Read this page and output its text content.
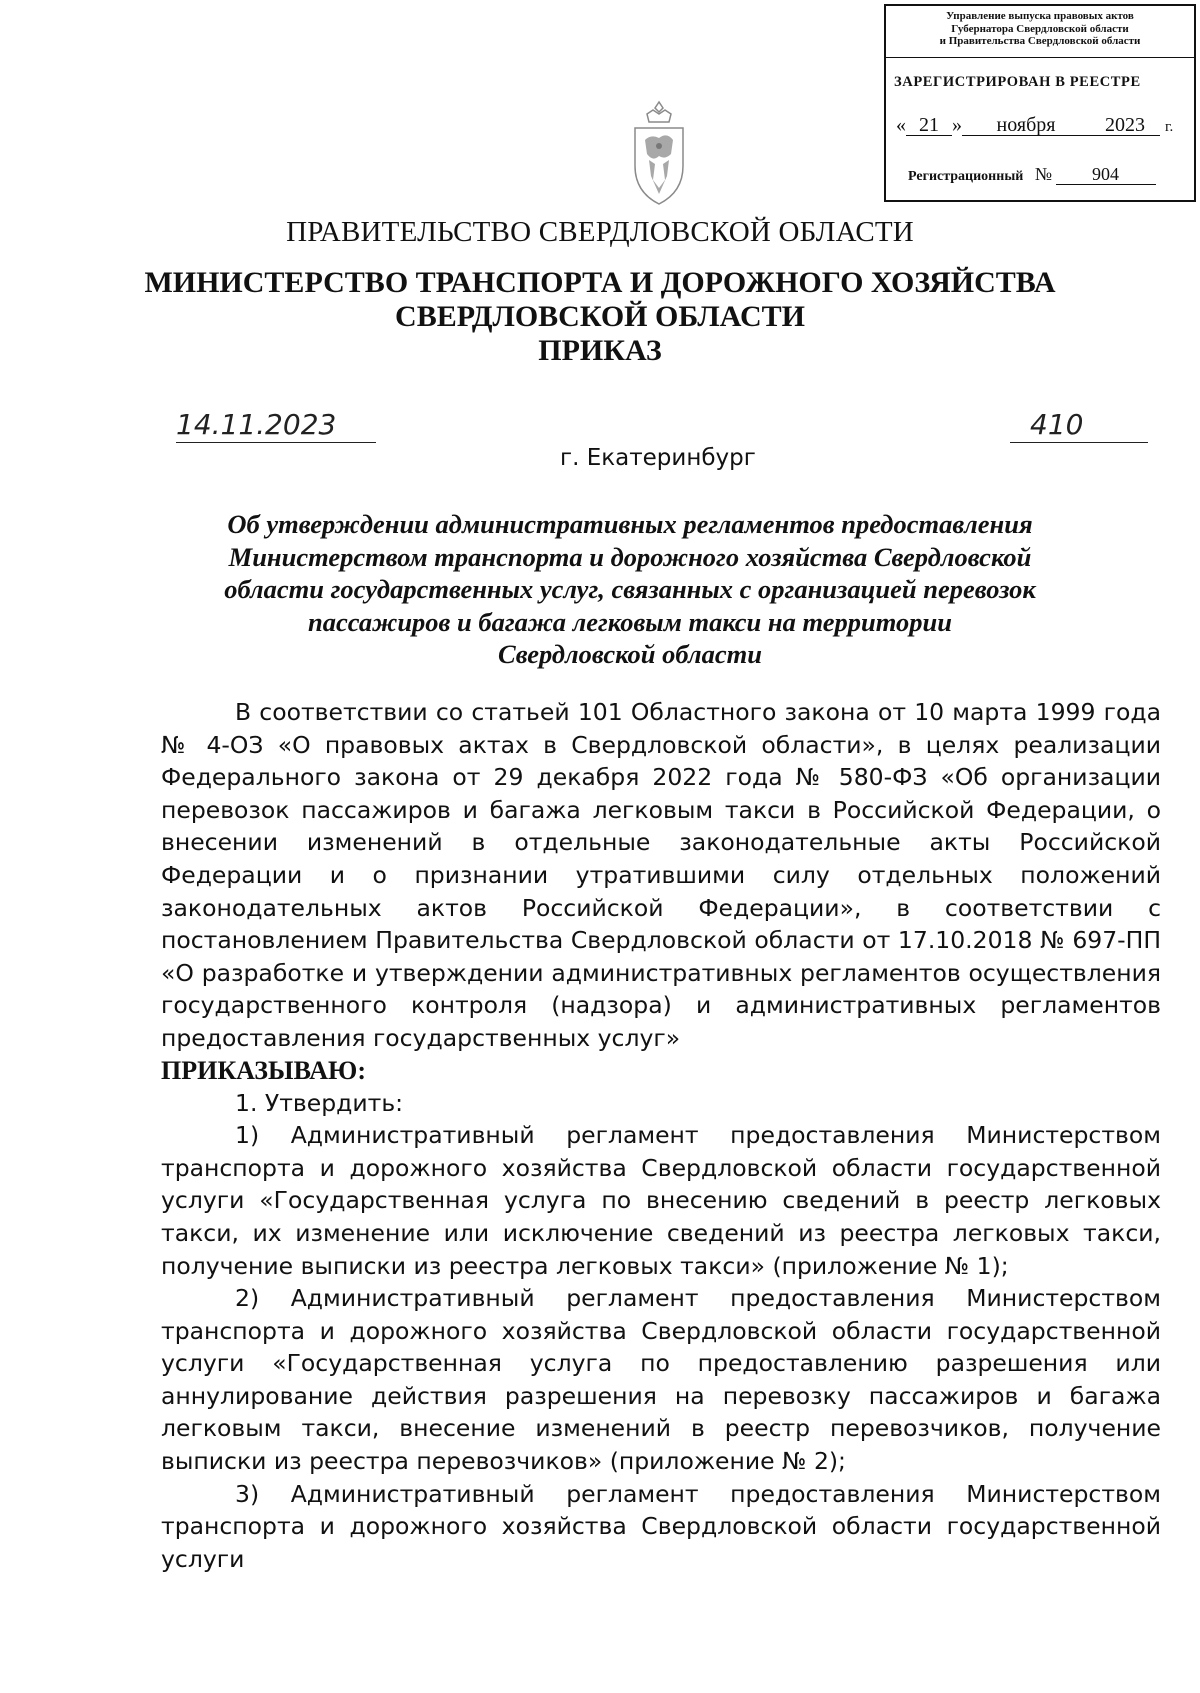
Управление выпуска правовых актов
Губернатора Свердловской области
и Правительства Свердловской области
ЗАРЕГИСТРИРОВАН В РЕЕСТРЕ
« 21 » ноября 2023 г.
Регистрационный № 904
ПРАВИТЕЛЬСТВО СВЕРДЛОВСКОЙ ОБЛАСТИ
МИНИСТЕРСТВО ТРАНСПОРТА И ДОРОЖНОГО ХОЗЯЙСТВА
СВЕРДЛОВСКОЙ ОБЛАСТИ
ПРИКАЗ
14.11.2023	410
г. Екатеринбург
Об утверждении административных регламентов предоставления
Министерством транспорта и дорожного хозяйства Свердловской
области государственных услуг, связанных с организацией перевозок
пассажиров и багажа легковым такси на территории
Свердловской области

В соответствии со статьей 101 Областного закона от 10 марта 1999 года № 4-ОЗ «О правовых актах в Свердловской области», в целях реализации Федерального закона от 29 декабря 2022 года № 580-ФЗ «Об организации перевозок пассажиров и багажа легковым такси в Российской Федерации, о внесении изменений в отдельные законодательные акты Российской Федерации и о признании утратившими силу отдельных положений законодательных актов Российской Федерации», в соответствии с постановлением Правительства Свердловской области от 17.10.2018 № 697-ПП «О разработке и утверждении административных регламентов осуществления государственного контроля (надзора) и административных регламентов предоставления государственных услуг»

ПРИКАЗЫВАЮ:

1. Утвердить:

1) Административный регламент предоставления Министерством транспорта и дорожного хозяйства Свердловской области государственной услуги «Государственная услуга по внесению сведений в реестр легковых такси, их изменение или исключение сведений из реестра легковых такси, получение выписки из реестра легковых такси» (приложение № 1);

2) Административный регламент предоставления Министерством транспорта и дорожного хозяйства Свердловской области государственной услуги «Государственная услуга по предоставлению разрешения или аннулирование действия разрешения на перевозку пассажиров и багажа легковым такси, внесение изменений в реестр перевозчиков, получение выписки из реестра перевозчиков» (приложение № 2);

3) Административный регламент предоставления Министерством транспорта и дорожного хозяйства Свердловской области государственной услуги
